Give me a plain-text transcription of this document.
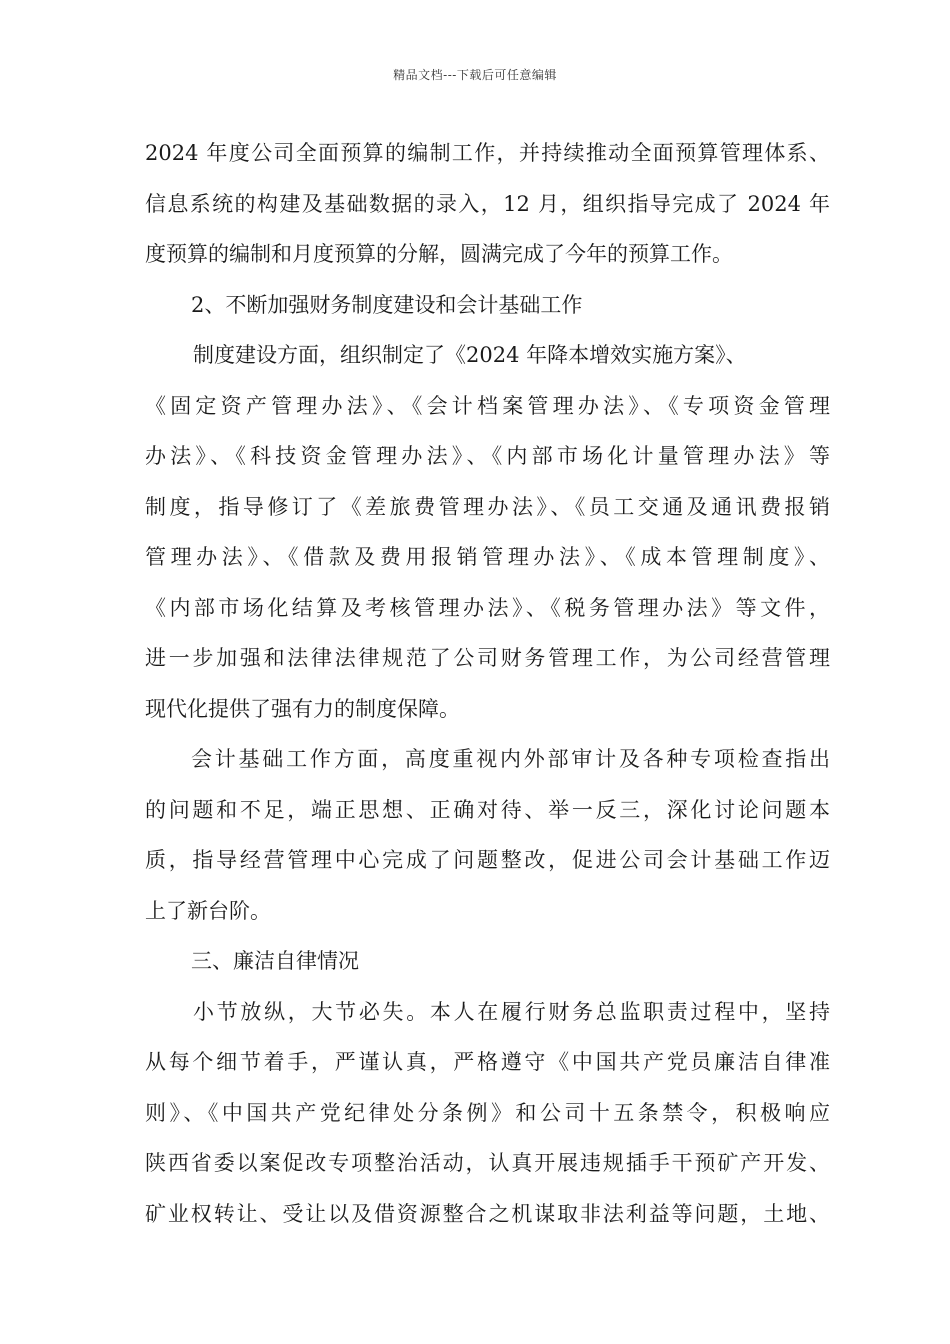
精品文档---下载后可任意编辑
2024 年度公司全面预算的编制工作，并持续推动全面预算管理体系、
信息系统的构建及基础数据的录入，12 月，组织指导完成了 2024 年
度预算的编制和月度预算的分解，圆满完成了今年的预算工作。
2、不断加强财务制度建设和会计基础工作
制度建设方面，组织制定了《2024 年降本增效实施方案》、
《固定资产管理办法》、《会计档案管理办法》、《专项资金管理
办法》、《科技资金管理办法》、《内部市场化计量管理办法》等
制度，指导修订了《差旅费管理办法》、《员工交通及通讯费报销
管理办法》、《借款及费用报销管理办法》、《成本管理制度》、
《内部市场化结算及考核管理办法》、《税务管理办法》等文件，
进一步加强和法律法律规范了公司财务管理工作，为公司经营管理
现代化提供了强有力的制度保障。
会计基础工作方面，高度重视内外部审计及各种专项检查指出
的问题和不足，端正思想、正确对待、举一反三，深化讨论问题本
质，指导经营管理中心完成了问题整改，促进公司会计基础工作迈
上了新台阶。
三、廉洁自律情况
小节放纵，大节必失。本人在履行财务总监职责过程中，坚持
从每个细节着手，严谨认真，严格遵守《中国共产党员廉洁自律准
则》、《中国共产党纪律处分条例》和公司十五条禁令，积极响应
陕西省委以案促改专项整治活动，认真开展违规插手干预矿产开发、
矿业权转让、受让以及借资源整合之机谋取非法利益等问题，土地、
